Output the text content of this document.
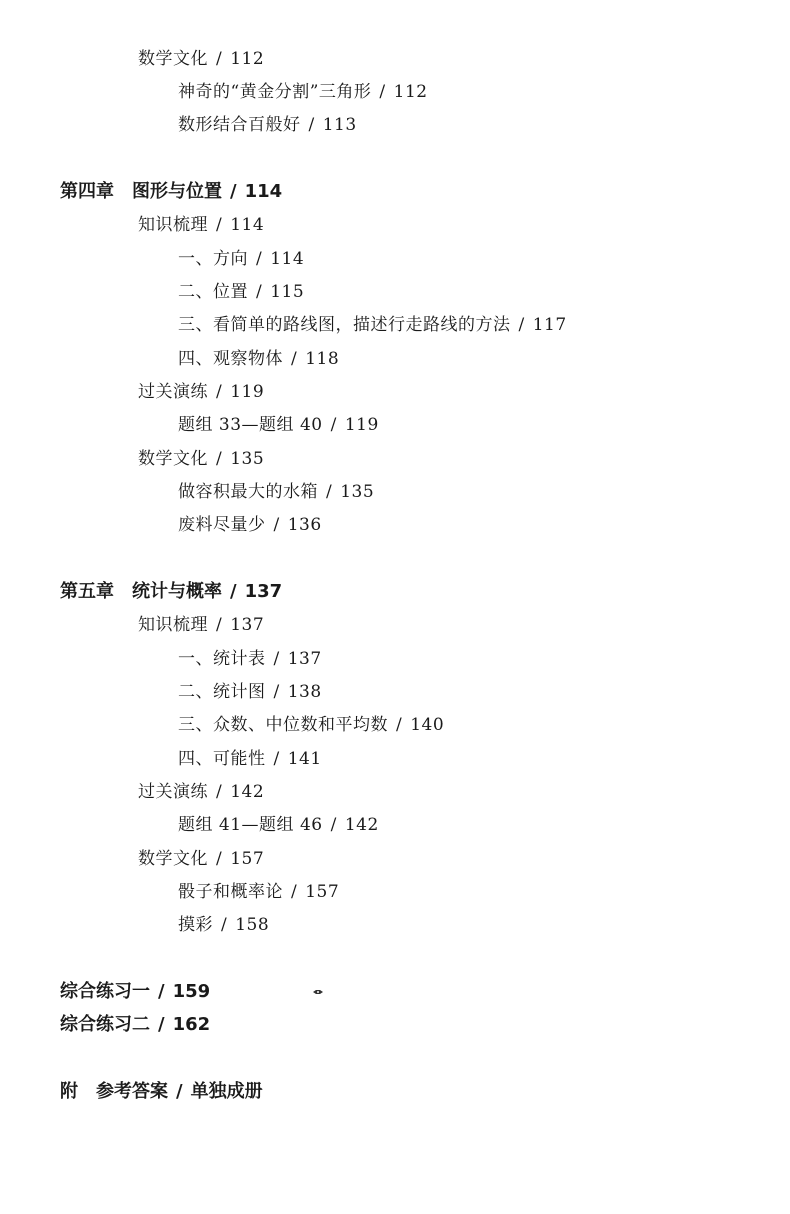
数学文化 / 112
神奇的“黄金分割”三角形 / 112
数形结合百般好 / 113
第四章 图形与位置 / 114
知识梳理 / 114
一、方向 / 114
二、位置 / 115
三、看简单的路线图，描述行走路线的方法 / 117
四、观察物体 / 118
过关演练 / 119
题组 33—题组 40 / 119
数学文化 / 135
做容积最大的水箱 / 135
废料尽量少 / 136
第五章 统计与概率 / 137
知识梳理 / 137
一、统计表 / 137
二、统计图 / 138
三、众数、中位数和平均数 / 140
四、可能性 / 141
过关演练 / 142
题组 41—题组 46 / 142
数学文化 / 157
骰子和概率论 / 157
摸彩 / 158
综合练习一 / 159
综合练习二 / 162
附 参考答案 / 单独成册
